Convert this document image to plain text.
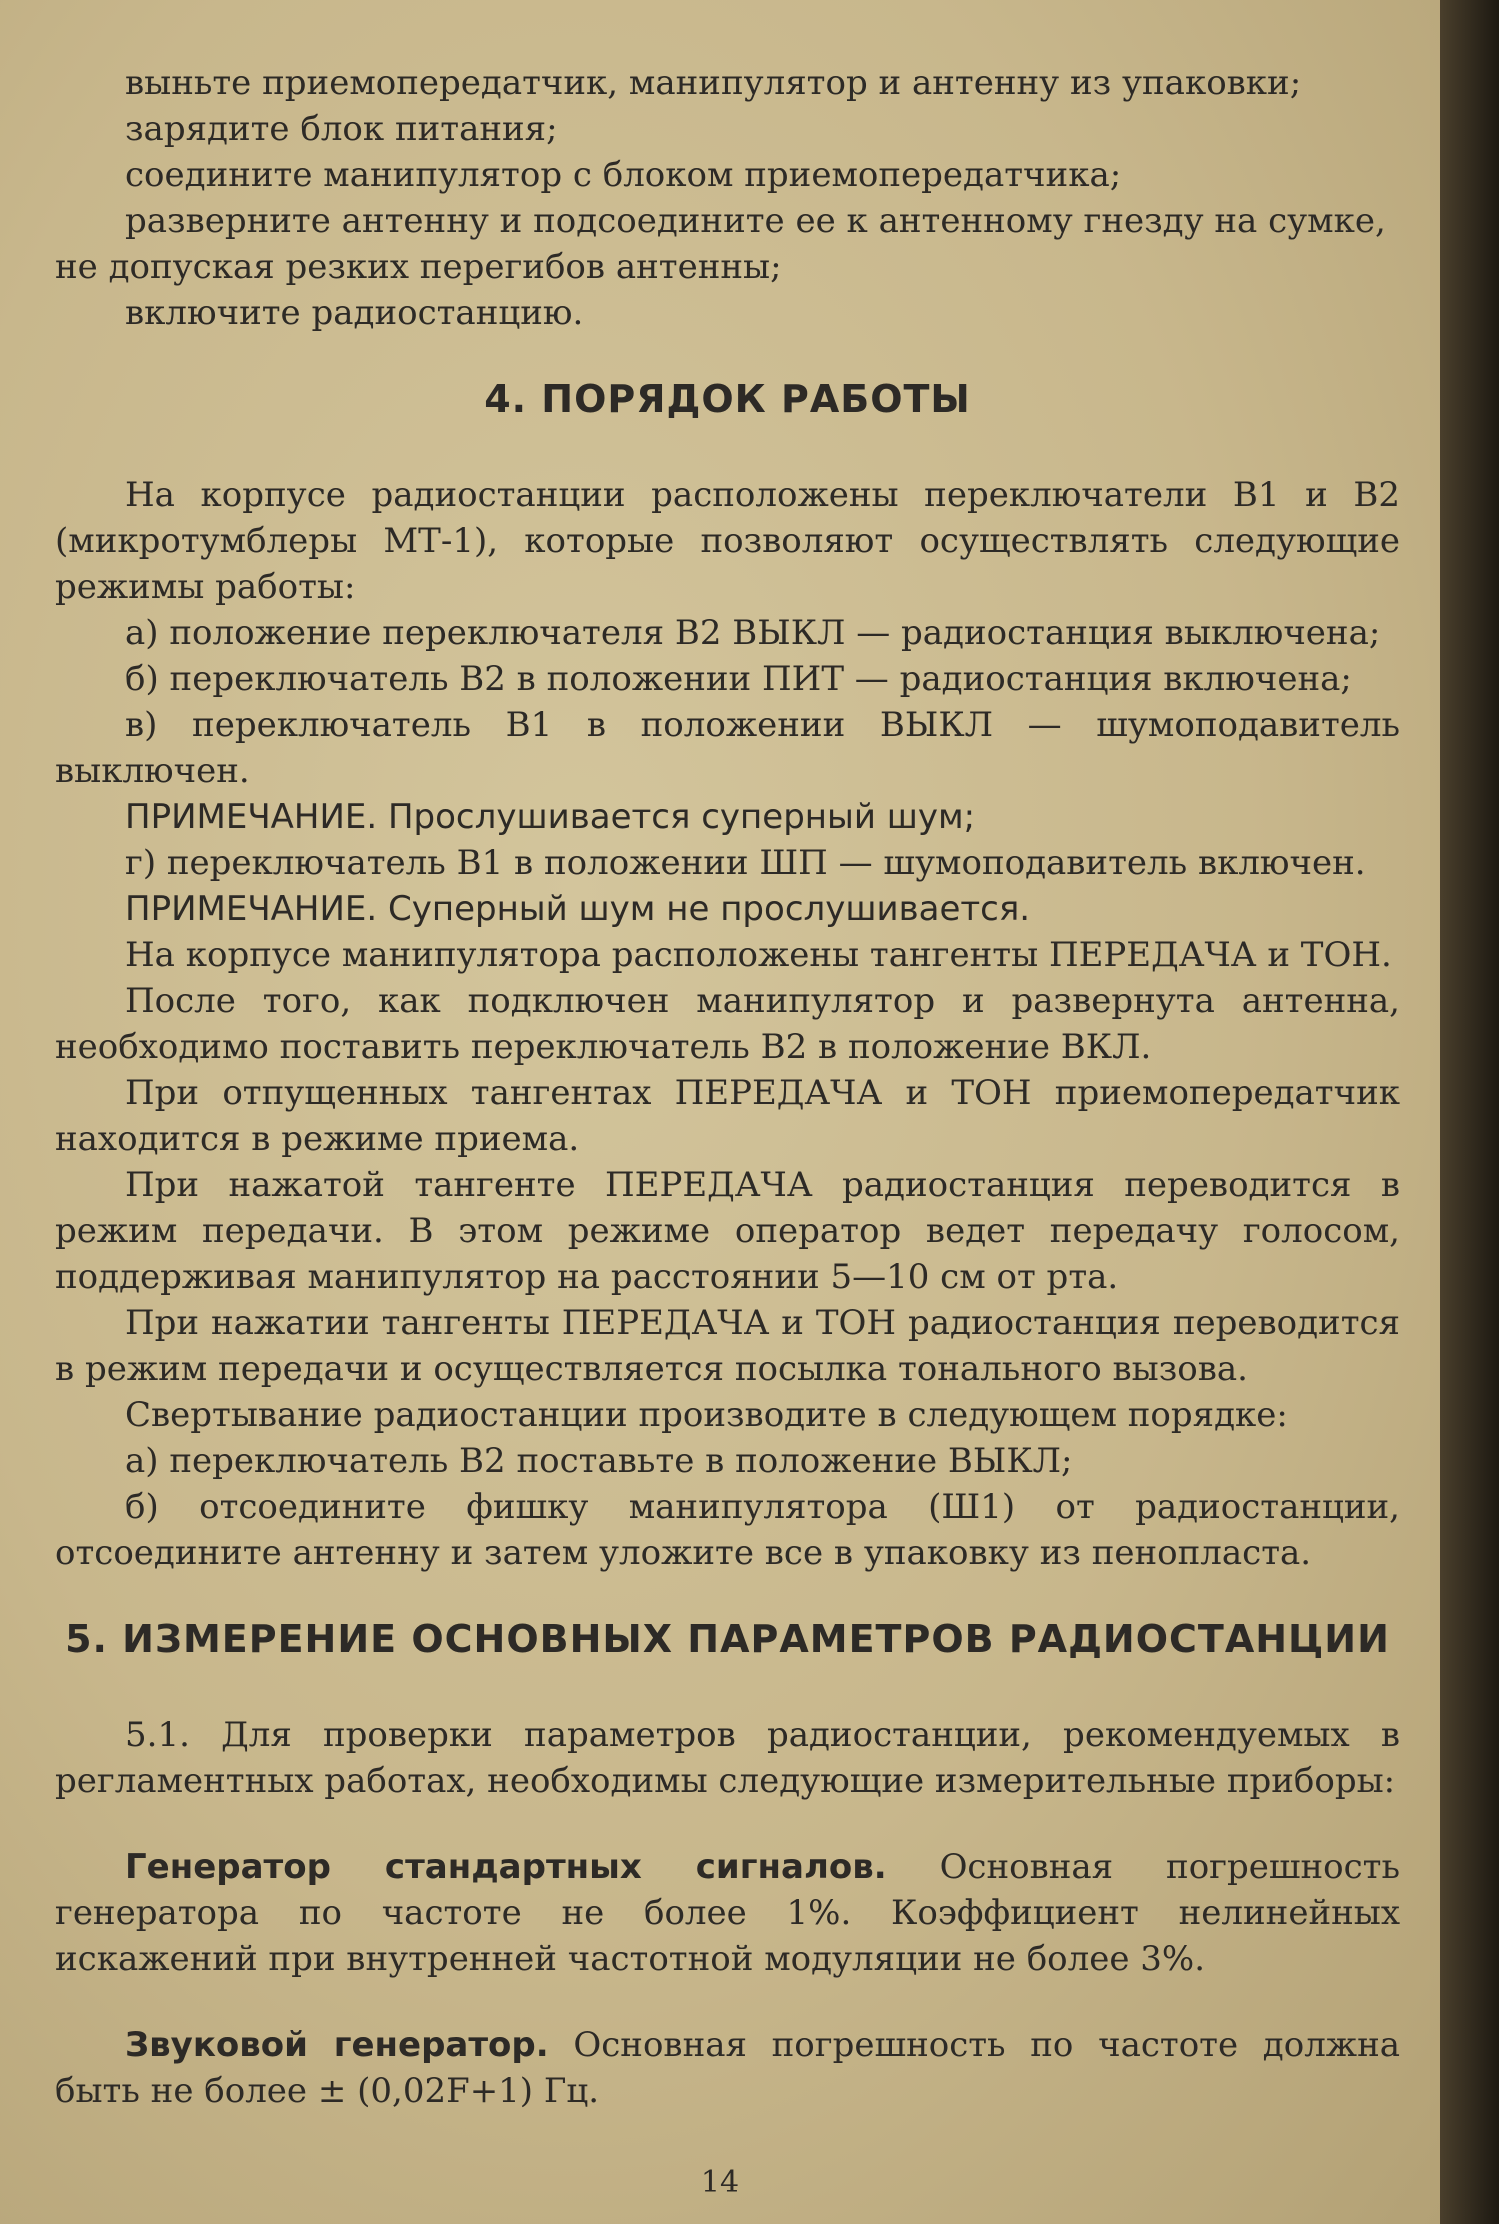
выньте приемопередатчик, манипулятор и антенну из упаковки;
зарядите блок питания;
соедините манипулятор с блоком приемопередатчика;
разверните антенну и подсоедините ее к антенному гнезду на сумке, не допуская резких перегибов антенны;
включите радиостанцию.
4. ПОРЯДОК РАБОТЫ

На корпусе радиостанции расположены переключатели В1 и В2 (микротумблеры МТ-1), которые позволяют осуществлять следующие режимы работы:

а) положение переключателя В2 ВЫКЛ — радиостанция выключена;

б) переключатель В2 в положении ПИТ — радиостанция включена;

в) переключатель В1 в положении ВЫКЛ — шумоподавитель выключен.

ПРИМЕЧАНИЕ. Прослушивается суперный шум;

г) переключатель В1 в положении ШП — шумоподавитель включен.

ПРИМЕЧАНИЕ. Суперный шум не прослушивается.

На корпусе манипулятора расположены тангенты ПЕРЕДАЧА и ТОН.

После того, как подключен манипулятор и развернута антенна, необходимо поставить переключатель В2 в положение ВКЛ.

При отпущенных тангентах ПЕРЕДАЧА и ТОН приемопередатчик находится в режиме приема.

При нажатой тангенте ПЕРЕДАЧА радиостанция переводится в режим передачи. В этом режиме оператор ведет передачу голосом, поддерживая манипулятор на расстоянии 5—10 см от рта.

При нажатии тангенты ПЕРЕДАЧА и ТОН радиостанция переводится в режим передачи и осуществляется посылка тонального вызова.

Свертывание радиостанции производите в следующем порядке:

а) переключатель В2 поставьте в положение ВЫКЛ;

б) отсоедините фишку манипулятора (Ш1) от радиостанции, отсоедините антенну и затем уложите все в упаковку из пенопласта.

5. ИЗМЕРЕНИЕ ОСНОВНЫХ ПАРАМЕТРОВ РАДИОСТАНЦИИ

5.1. Для проверки параметров радиостанции, рекомендуемых в регламентных работах, необходимы следующие измерительные приборы:

Генератор стандартных сигналов. Основная погрешность генератора по частоте не более 1%. Коэффициент нелинейных искажений при внутренней частотной модуляции не более 3%.

Звуковой генератор. Основная погрешность по частоте должна быть не более ± (0,02F+1) Гц.

14
